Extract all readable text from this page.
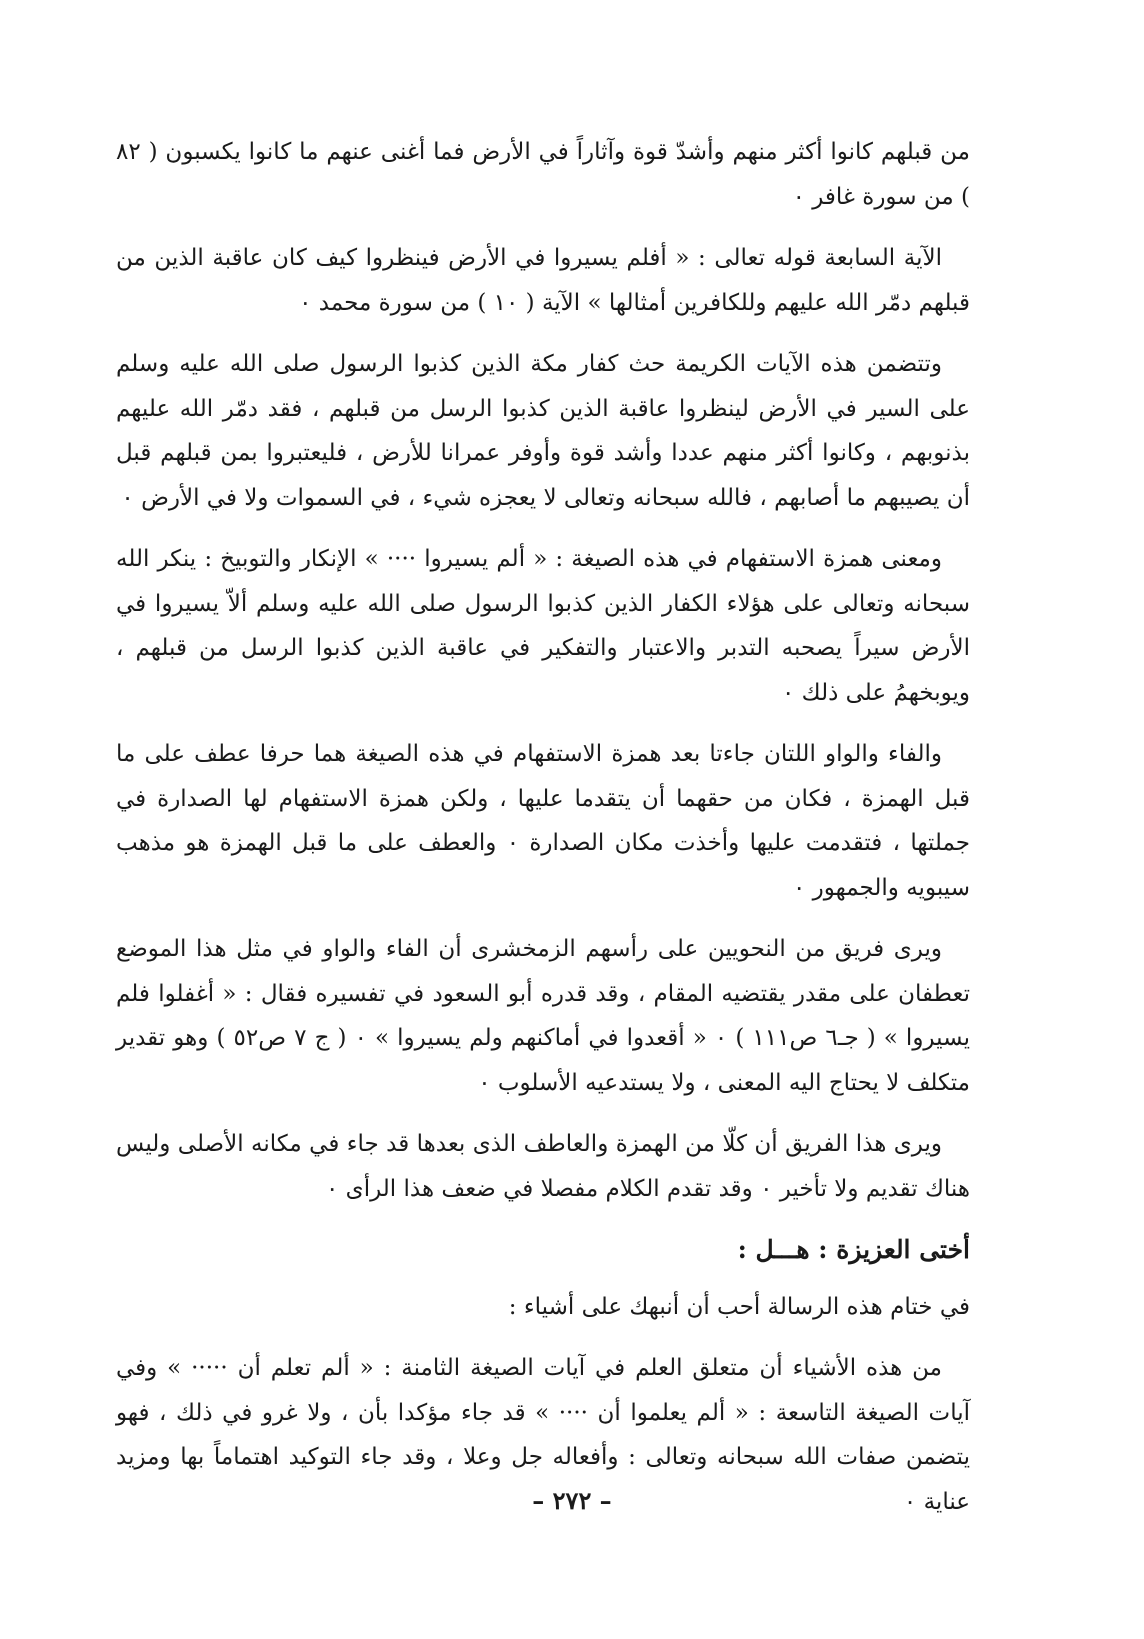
من قبلهم كانوا أكثر منهم وأشدّ قوة وآثاراً في الأرض فما أغنى عنهم ما كانوا يكسبون ( ٨٢ ) من سورة غافر ٠

الآية السابعة قوله تعالى : « أفلم يسيروا في الأرض فينظروا كيف كان عاقبة الذين من قبلهم دمّر الله عليهم وللكافرين أمثالها » الآية ( ١٠ ) من سورة محمد ٠

وتتضمن هذه الآيات الكريمة حث كفار مكة الذين كذبوا الرسول صلى الله عليه وسلم على السير في الأرض لينظروا عاقبة الذين كذبوا الرسل من قبلهم ، فقد دمّر الله عليهم بذنوبهم ، وكانوا أكثر منهم عددا وأشد قوة وأوفر عمرانا للأرض ، فليعتبروا بمن قبلهم قبل أن يصيبهم ما أصابهم ، فالله سبحانه وتعالى لا يعجزه شيء ، في السموات ولا في الأرض ٠

ومعنى همزة الاستفهام في هذه الصيغة : « ألم يسيروا ···· » الإنكار والتوبيخ : ينكر الله سبحانه وتعالى على هؤلاء الكفار الذين كذبوا الرسول صلى الله عليه وسلم ألاّ يسيروا في الأرض سيراً يصحبه التدبر والاعتبار والتفكير في عاقبة الذين كذبوا الرسل من قبلهم ، ويوبخهمُ على ذلك ٠

والفاء والواو اللتان جاءتا بعد همزة الاستفهام في هذه الصيغة هما حرفا عطف على ما قبل الهمزة ، فكان من حقهما أن يتقدما عليها ، ولكن همزة الاستفهام لها الصدارة في جملتها ، فتقدمت عليها وأخذت مكان الصدارة ٠ والعطف على ما قبل الهمزة هو مذهب سيبويه والجمهور ٠

ويرى فريق من النحويين على رأسهم الزمخشرى أن الفاء والواو في مثل هذا الموضع تعطفان على مقدر يقتضيه المقام ، وقد قدره أبو السعود في تفسيره فقال : « أغفلوا فلم يسيروا » ( جـ٦ ص١١١ ) ٠ « أقعدوا في أماكنهم ولم يسيروا » ٠ ( ج ٧ ص٥٢ ) وهو تقدير متكلف لا يحتاج اليه المعنى ، ولا يستدعيه الأسلوب ٠

ويرى هذا الفريق أن كلّا من الهمزة والعاطف الذى بعدها قد جاء في مكانه الأصلى وليس هناك تقديم ولا تأخير ٠ وقد تقدم الكلام مفصلا في ضعف هذا الرأى ٠

أختى العزيزة : هـــل :

في ختام هذه الرسالة أحب أن أنبهك على أشياء :

من هذه الأشياء أن متعلق العلم في آيات الصيغة الثامنة : « ألم تعلم أن ····· » وفي آيات الصيغة التاسعة : « ألم يعلموا أن ···· » قد جاء مؤكدا بأن ، ولا غرو في ذلك ، فهو يتضمن صفات الله سبحانه وتعالى : وأفعاله جل وعلا ، وقد جاء التوكيد اهتماماً بها ومزيد عناية ٠

– ٢٧٢ –
